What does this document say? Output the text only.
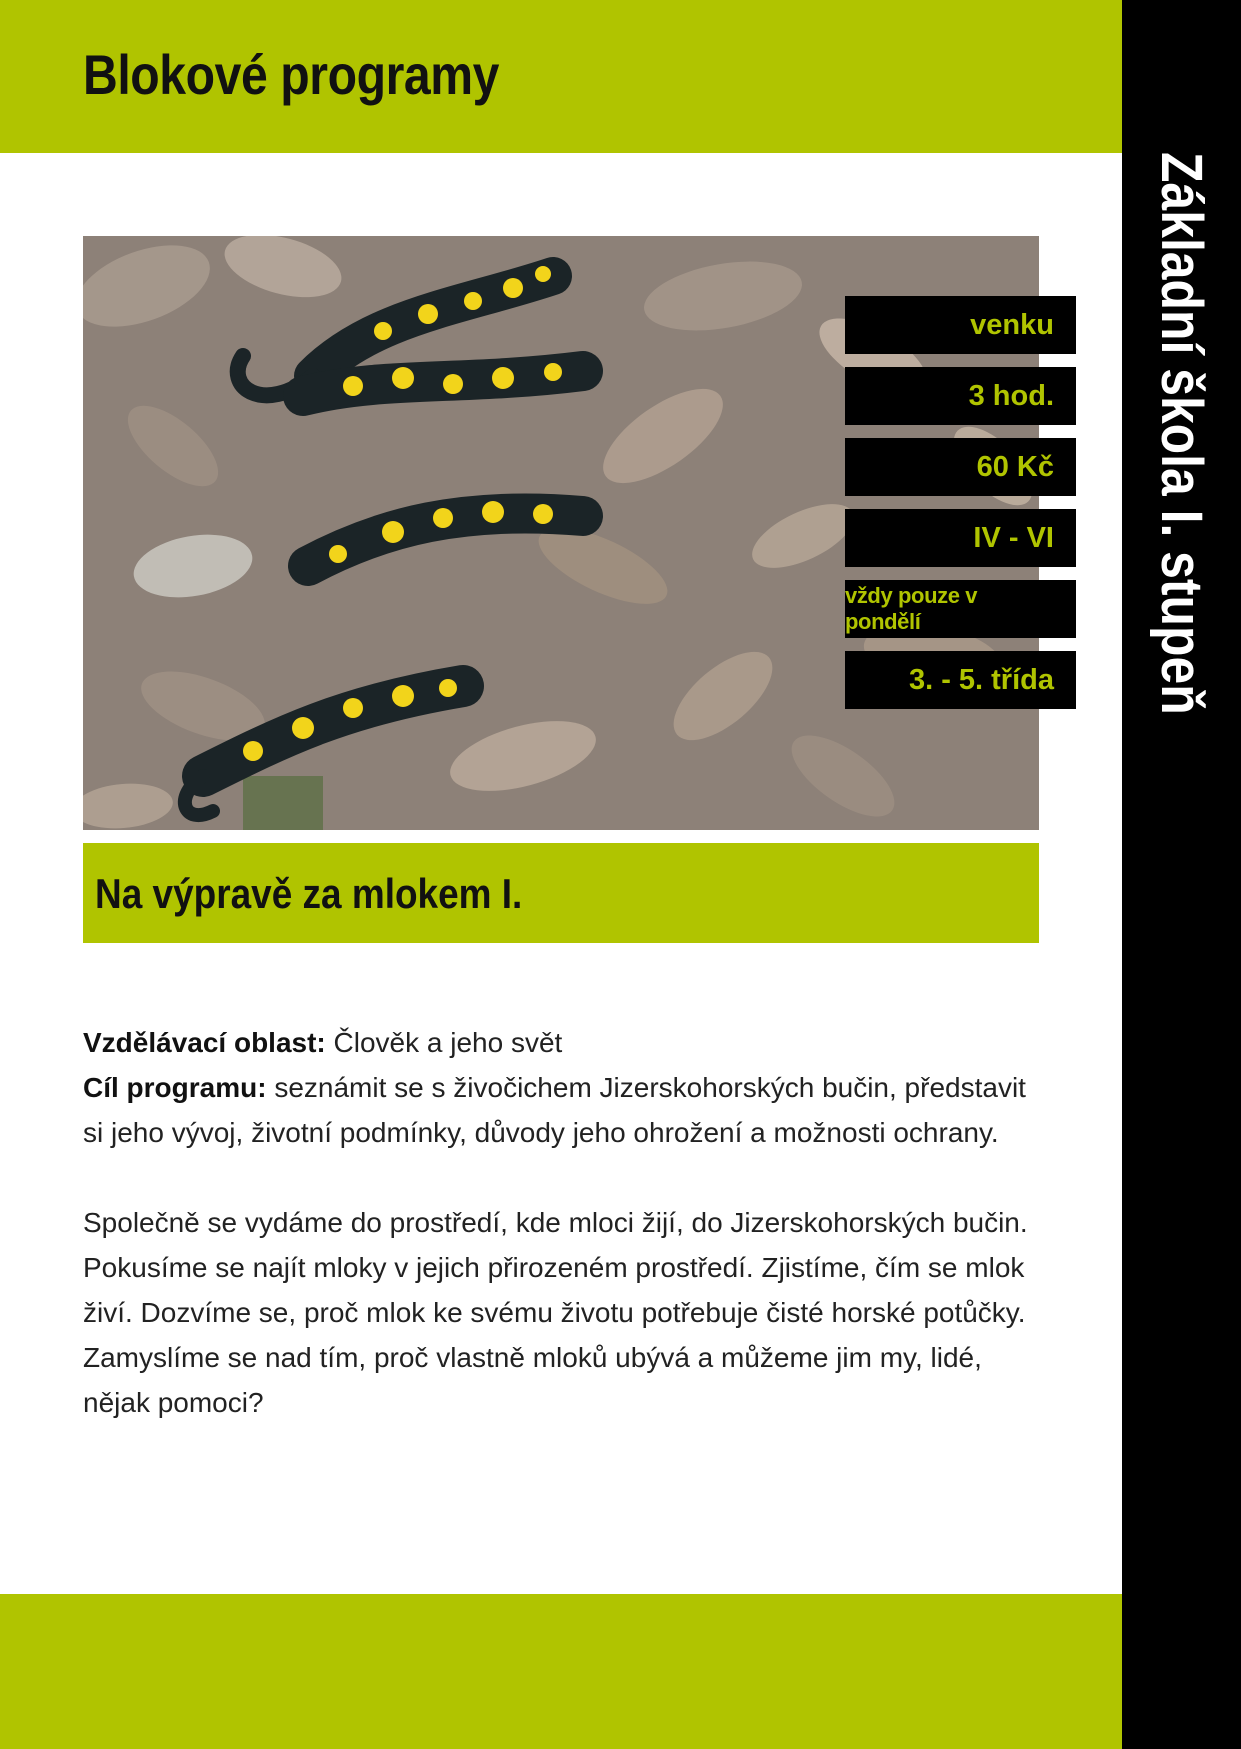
Blokové programy
Základní škola I. stupeň
venku
3 hod.
60 Kč
IV - VI
vždy pouze v pondělí
3. - 5. třída
Na výpravě za mlokem I.

Vzdělávací oblast: Člověk a jeho svět

Cíl programu: seznámit se s živočichem Jizerskohorských bučin, představit si jeho vývoj, životní podmínky, důvody jeho ohrožení a možnosti ochrany.

Společně se vydáme do prostředí, kde mloci žijí, do Jizerskohorských bučin. Pokusíme se najít mloky v jejich přirozeném prostředí. Zjistíme, čím se mlok živí. Dozvíme se, proč mlok ke svému životu potřebuje čisté horské potůčky. Zamyslíme se nad tím, proč vlastně mloků ubývá a můžeme jim my, lidé, nějak pomoci?
